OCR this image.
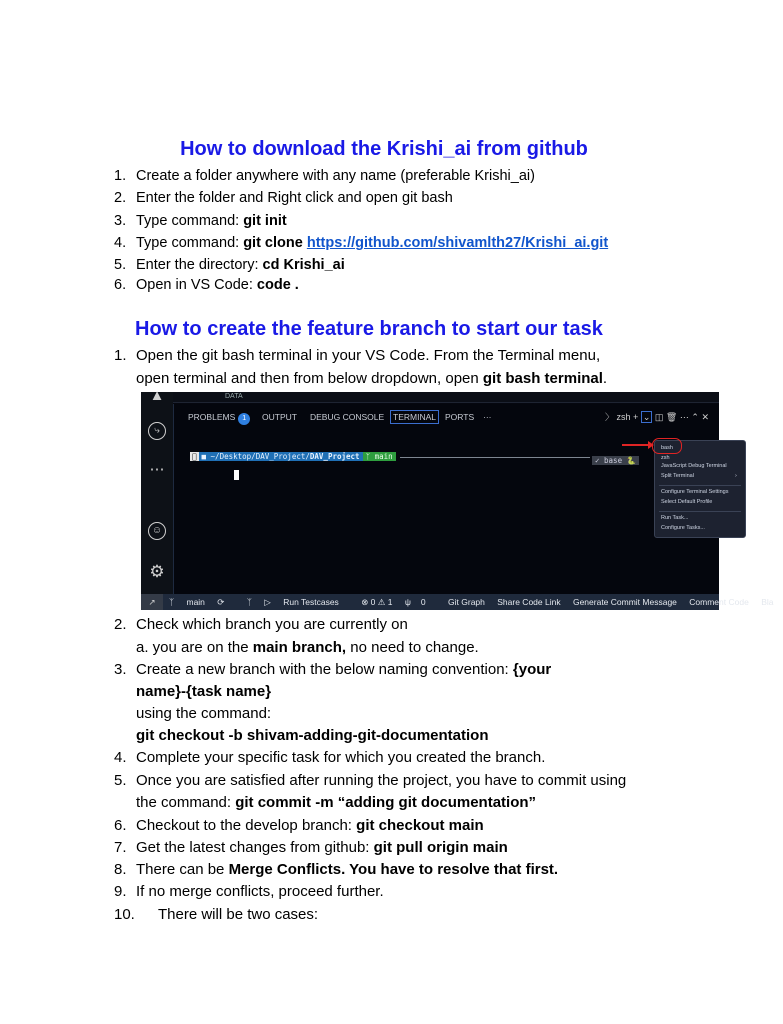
How to download the Krishi_ai from github
1. Create a folder anywhere with any name (preferable Krishi_ai)
2. Enter the folder and Right click and open git bash
3. Type command: git init
4. Type command: git clone https://github.com/shivamlth27/Krishi_ai.git
5. Enter the directory: cd Krishi_ai
6. Open in VS Code: code .
How to create the feature branch to start our task
1. Open the git bash terminal in your VS Code. From the Terminal menu,
open terminal and then from below dropdown, open git bash terminal.
▲
⤷
⋯
☺
⚙
DATA
PROBLEMS 1	OUTPUT DEBUG CONSOLE	TERMINAL	PORTS ···	〉 zsh + ⌄ ◫ 🗑 ⋯ ⌃ ✕
■ ~/Desktop/DAV_Project/DAV_Project ᛉ main	✓ base 🐍
bash
zsh
JavaScript Debug Terminal
Split Terminal	›
Configure Terminal Settings
Select Default Profile
Run Task...
Configure Tasks...
↗	ᛉ main ⟳	ᛉ ▷ Run Testcases	⊗ 0 ⚠ 1 ψ 0	Git Graph Share Code Link Generate Commit Message Comment Code Bla
2. Check which branch you are currently on
a. you are on the main branch, no need to change.
3. Create a new branch with the below naming convention: {your
name}-{task name}
using the command:
git checkout -b shivam-adding-git-documentation
4. Complete your specific task for which you created the branch.
5. Once you are satisfied after running the project, you have to commit using
the command: git commit -m “adding git documentation”
6. Checkout to the develop branch: git checkout main
7. Get the latest changes from github: git pull origin main
8. There can be Merge Conflicts. You have to resolve that first.
9. If no merge conflicts, proceed further.
10. There will be two cases:
